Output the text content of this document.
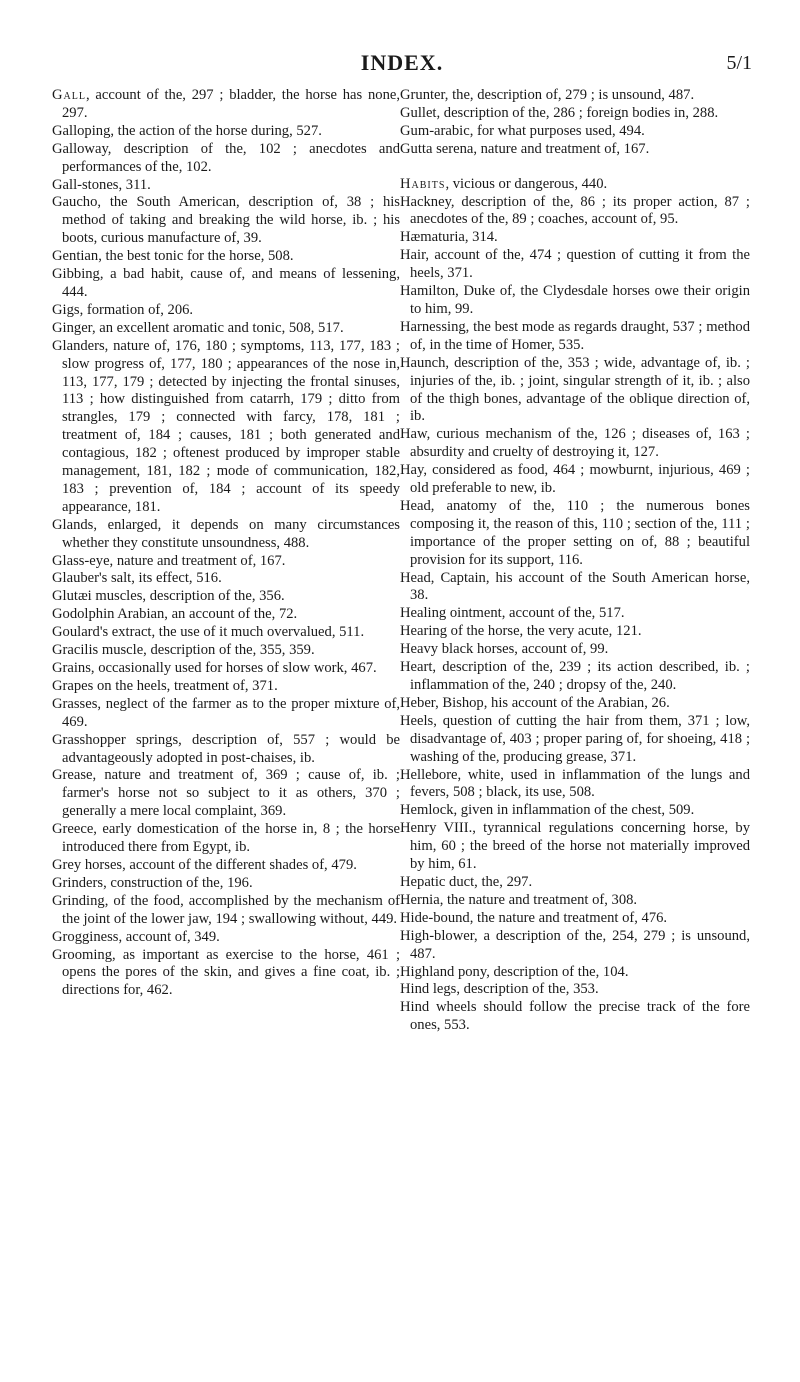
INDEX.	5/1

Gall, account of the, 297 ; bladder, the horse has none, 297.

Galloping, the action of the horse during, 527.

Galloway, description of the, 102 ; anecdotes and performances of the, 102.

Gall-stones, 311.

Gaucho, the South American, description of, 38 ; his method of taking and breaking the wild horse, ib. ; his boots, curious manufacture of, 39.

Gentian, the best tonic for the horse, 508.

Gibbing, a bad habit, cause of, and means of lessening, 444.

Gigs, formation of, 206.

Ginger, an excellent aromatic and tonic, 508, 517.

Glanders, nature of, 176, 180 ; symptoms, 113, 177, 183 ; slow progress of, 177, 180 ; appearances of the nose in, 113, 177, 179 ; detected by injecting the frontal sinuses, 113 ; how distinguished from catarrh, 179 ; ditto from strangles, 179 ; connected with farcy, 178, 181 ; treatment of, 184 ; causes, 181 ; both generated and contagious, 182 ; oftenest produced by improper stable management, 181, 182 ; mode of communication, 182, 183 ; prevention of, 184 ; account of its speedy appearance, 181.

Glands, enlarged, it depends on many circumstances whether they constitute unsoundness, 488.

Glass-eye, nature and treatment of, 167.

Glauber's salt, its effect, 516.

Glutæi muscles, description of the, 356.

Godolphin Arabian, an account of the, 72.

Goulard's extract, the use of it much overvalued, 511.

Gracilis muscle, description of the, 355, 359.

Grains, occasionally used for horses of slow work, 467.

Grapes on the heels, treatment of, 371.

Grasses, neglect of the farmer as to the proper mixture of, 469.

Grasshopper springs, description of, 557 ; would be advantageously adopted in post-chaises, ib.

Grease, nature and treatment of, 369 ; cause of, ib. ; farmer's horse not so subject to it as others, 370 ; generally a mere local complaint, 369.

Greece, early domestication of the horse in, 8 ; the horse introduced there from Egypt, ib.

Grey horses, account of the different shades of, 479.

Grinders, construction of the, 196.

Grinding, of the food, accomplished by the mechanism of the joint of the lower jaw, 194 ; swallowing without, 449.

Grogginess, account of, 349.

Grooming, as important as exercise to the horse, 461 ; opens the pores of the skin, and gives a fine coat, ib. ; directions for, 462.

Grunter, the, description of, 279 ; is unsound, 487.

Gullet, description of the, 286 ; foreign bodies in, 288.

Gum-arabic, for what purposes used, 494.

Gutta serena, nature and treatment of, 167.

Habits, vicious or dangerous, 440.

Hackney, description of the, 86 ; its proper action, 87 ; anecdotes of the, 89 ; coaches, account of, 95.

Hæmaturia, 314.

Hair, account of the, 474 ; question of cutting it from the heels, 371.

Hamilton, Duke of, the Clydesdale horses owe their origin to him, 99.

Harnessing, the best mode as regards draught, 537 ; method of, in the time of Homer, 535.

Haunch, description of the, 353 ; wide, advantage of, ib. ; injuries of the, ib. ; joint, singular strength of it, ib. ; also of the thigh bones, advantage of the oblique direction of, ib.

Haw, curious mechanism of the, 126 ; diseases of, 163 ; absurdity and cruelty of destroying it, 127.

Hay, considered as food, 464 ; mowburnt, injurious, 469 ; old preferable to new, ib.

Head, anatomy of the, 110 ; the numerous bones composing it, the reason of this, 110 ; section of the, 111 ; importance of the proper setting on of, 88 ; beautiful provision for its support, 116.

Head, Captain, his account of the South American horse, 38.

Healing ointment, account of the, 517.

Hearing of the horse, the very acute, 121.

Heavy black horses, account of, 99.

Heart, description of the, 239 ; its action described, ib. ; inflammation of the, 240 ; dropsy of the, 240.

Heber, Bishop, his account of the Arabian, 26.

Heels, question of cutting the hair from them, 371 ; low, disadvantage of, 403 ; proper paring of, for shoeing, 418 ; washing of the, producing grease, 371.

Hellebore, white, used in inflammation of the lungs and fevers, 508 ; black, its use, 508.

Hemlock, given in inflammation of the chest, 509.

Henry VIII., tyrannical regulations concerning horse, by him, 60 ; the breed of the horse not materially improved by him, 61.

Hepatic duct, the, 297.

Hernia, the nature and treatment of, 308.

Hide-bound, the nature and treatment of, 476.

High-blower, a description of the, 254, 279 ; is unsound, 487.

Highland pony, description of the, 104.

Hind legs, description of the, 353.

Hind wheels should follow the precise track of the fore ones, 553.
